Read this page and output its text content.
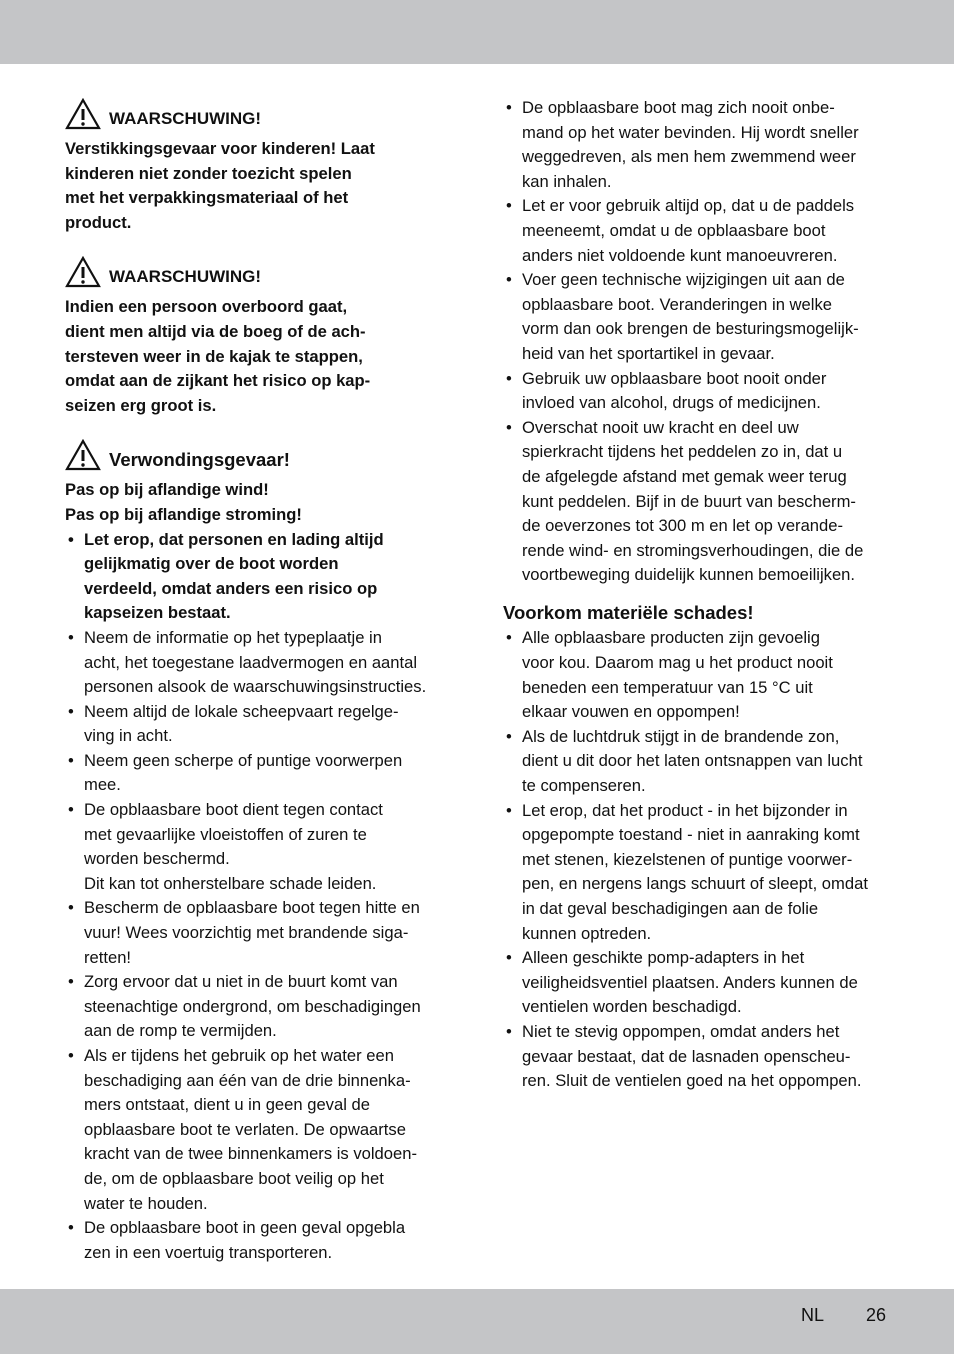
WAARSCHUWING!

Verstikkingsgevaar voor kinderen! Laat
kinderen niet zonder toezicht spelen
met het verpakkingsmateriaal of het
product.

WAARSCHUWING!

Indien een persoon overboord gaat,
dient men altijd via de boeg of de ach-
tersteven weer in de kajak te stappen,
omdat aan de zijkant het risico op kap-
seizen erg groot is.

Verwondingsgevaar!

Pas op bij aflandige wind!
Pas op bij aflandige stroming!

• Let erop, dat personen en lading altijd
gelijkmatig over de boot worden
verdeeld, omdat anders een risico op
kapseizen bestaat.
• Neem de informatie op het typeplaatje in
acht, het toegestane laadvermogen en aantal
personen alsook de waarschuwingsinstructies.
• Neem altijd de lokale scheepvaart regelge-
ving in acht.
• Neem geen scherpe of puntige voorwerpen
mee.
• De opblaasbare boot dient tegen contact
met gevaarlijke vloeistoffen of zuren te
worden beschermd.
Dit kan tot onherstelbare schade leiden.
• Bescherm de opblaasbare boot tegen hitte en
vuur! Wees voorzichtig met brandende siga-
retten!
• Zorg ervoor dat u niet in de buurt komt van
steenachtige ondergrond, om beschadigingen
aan de romp te vermijden.
• Als er tijdens het gebruik op het water een
beschadiging aan één van de drie binnenka-
mers ontstaat, dient u in geen geval de
opblaasbare boot te verlaten. De opwaartse
kracht van de twee binnenkamers is voldoen-
de, om de opblaasbare boot veilig op het
water te houden.
• De opblaasbare boot in geen geval opgebla
zen in een voertuig transporteren.
• De opblaasbare boot mag zich nooit onbe-
mand op het water bevinden. Hij wordt sneller
weggedreven, als men hem zwemmend weer
kan inhalen.
• Let er voor gebruik altijd op, dat u de paddels
meeneemt, omdat u de opblaasbare boot
anders niet voldoende kunt manoeuvreren.
• Voer geen technische wijzigingen uit aan de
opblaasbare boot. Veranderingen in welke
vorm dan ook brengen de besturingsmogelijk-
heid van het sportartikel in gevaar.
• Gebruik uw opblaasbare boot nooit onder
invloed van alcohol, drugs of medicijnen.
• Overschat nooit uw kracht en deel uw
spierkracht tijdens het peddelen zo in, dat u
de afgelegde afstand met gemak weer terug
kunt peddelen. Bijf in de buurt van bescherm-
de oeverzones tot 300 m en let op verande-
rende wind- en stromingsverhoudingen, die de
voortbeweging duidelijk kunnen bemoeilijken.

Voorkom materiële schades!

• Alle opblaasbare producten zijn gevoelig
voor kou. Daarom mag u het product nooit
beneden een temperatuur van 15 °C uit
elkaar vouwen en oppompen!
• Als de luchtdruk stijgt in de brandende zon,
dient u dit door het laten ontsnappen van lucht
te compenseren.
• Let erop, dat het product - in het bijzonder in
opgepompte toestand - niet in aanraking komt
met stenen, kiezelstenen of puntige voorwer-
pen, en nergens langs schuurt of sleept, omdat
in dat geval beschadigingen aan de folie
kunnen optreden.
• Alleen geschikte pomp-adapters in het
veiligheidsventiel plaatsen. Anders kunnen de
ventielen worden beschadigd.
• Niet te stevig oppompen, omdat anders het
gevaar bestaat, dat de lasnaden openscheu-
ren. Sluit de ventielen goed na het oppompen.
NL 26
